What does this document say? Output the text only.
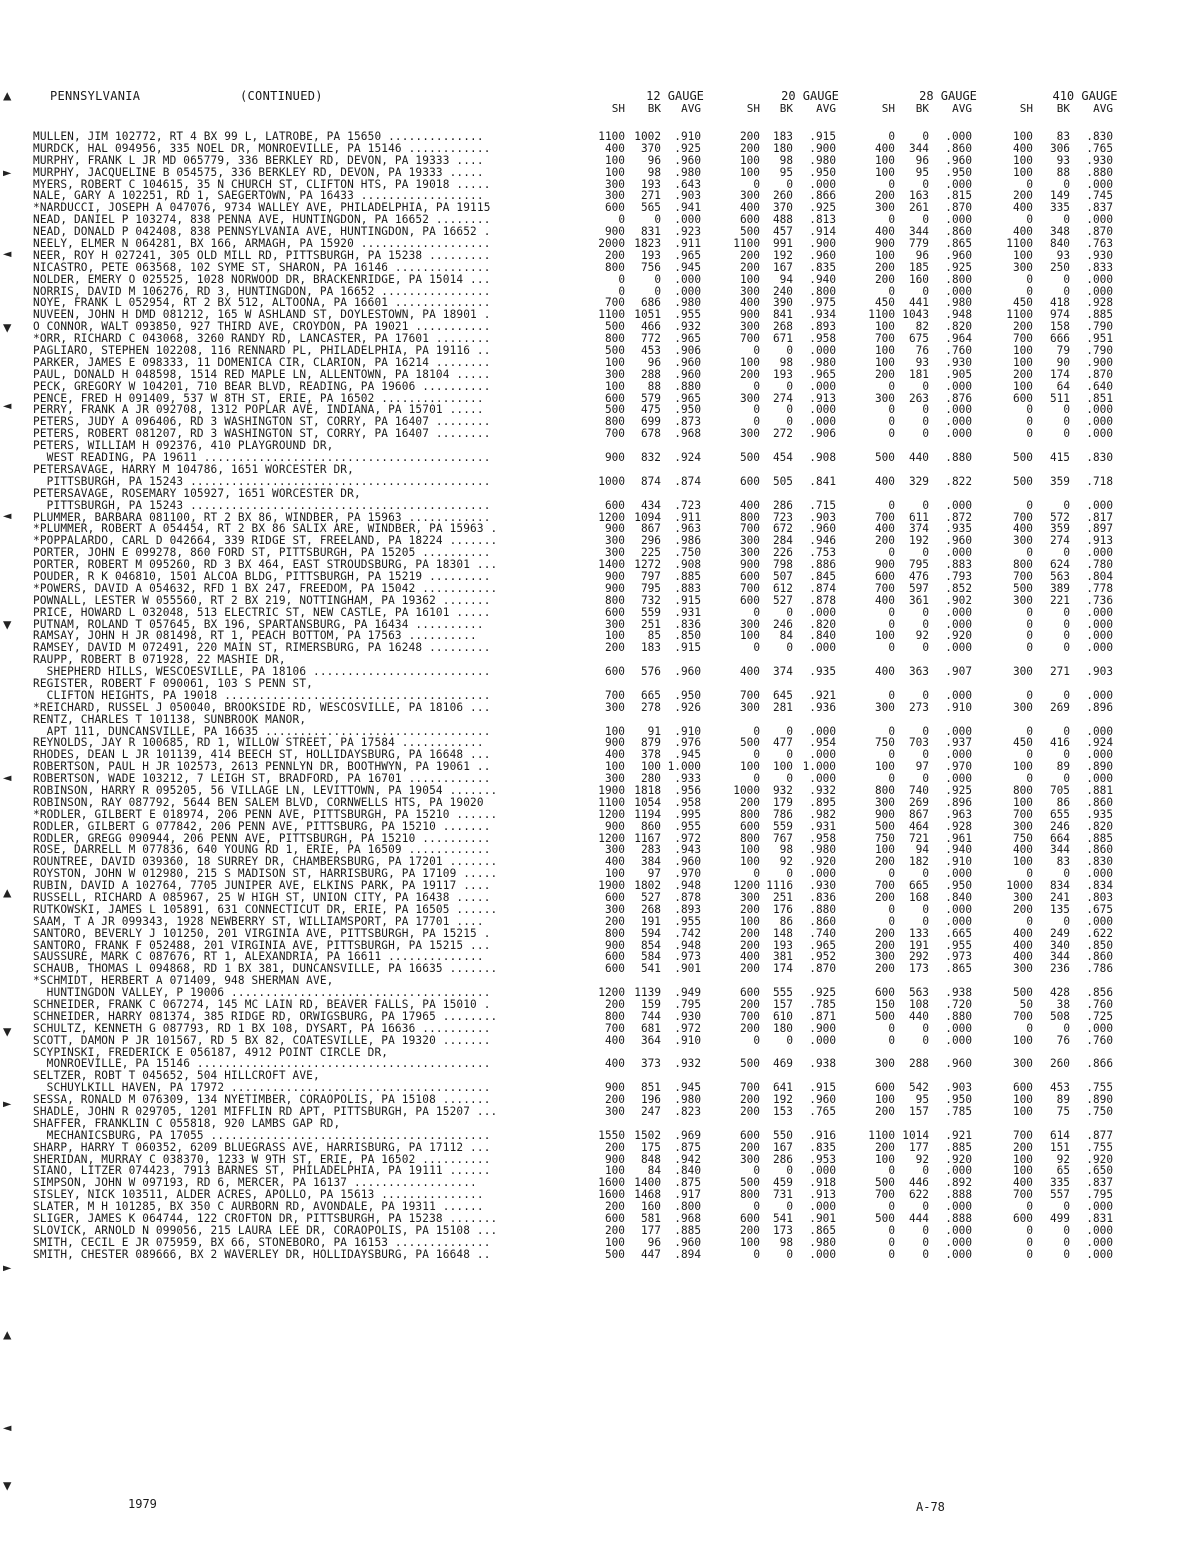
PENNSYLVANIA	(CONTINUED)	12 GAUGE	20 GAUGE	28 GAUGE	410 GAUGE
SH	BK	AVG	SH	BK	AVG	SH	BK	AVG	SH	BK	AVG
MULLEN, JIM 102772, RT 4 BX 99 L, LATROBE, PA 15650 ..............	1100 1002	.910	200	183	.915	0	0	.000	100	83	.830
MURDCK, HAL 094956, 335 NOEL DR, MONROEVILLE, PA 15146 ............	400	370	.925	200	180	.900	400	344	.860	400	306	.765
MURPHY, FRANK L JR MD 065779, 336 BERKLEY RD, DEVON, PA 19333 ....	100	96	.960	100	98	.980	100	96	.960	100	93	.930
MURPHY, JACQUELINE B 054575, 336 BERKLEY RD, DEVON, PA 19333 .....	100	98	.980	100	95	.950	100	95	.950	100	88	.880
MYERS, ROBERT C 104615, 35 N CHURCH ST, CLIFTON HTS, PA 19018 .....	300	193	.643	0	0	.000	0	0	.000	0	0	.000
NALE, GARY A 102251, RD 1, SAEGERTOWN, PA 16433 ..................	300	271	.903	300	260	.866	200	163	.815	200	149	.745
*NARDUCCI, JOSEPH A 047076, 9734 WALLEY AVE, PHILADELPHIA, PA 19115	600	565	.941	400	370	.925	300	261	.870	400	335	.837
NEAD, DANIEL P 103274, 838 PENNA AVE, HUNTINGDON, PA 16652 ........	0	0	.000	600	488	.813	0	0	.000	0	0	.000
NEAD, DONALD P 042408, 838 PENNSYLVANIA AVE, HUNTINGDON, PA 16652 .	900	831	.923	500	457	.914	400	344	.860	400	348	.870
NEELY, ELMER N 064281, BX 166, ARMAGH, PA 15920 ...................	2000 1823	.911	1100	991	.900	900	779	.865	1100	840	.763
NEER, ROY H 027241, 305 OLD MILL RD, PITTSBURGH, PA 15238 .........	200	193	.965	200	192	.960	100	96	.960	100	93	.930
NICASTRO, PETE 063568, 102 SYME ST, SHARON, PA 16146 ..............	800	756	.945	200	167	.835	200	185	.925	300	250	.833
NOLDER, EMERY O 025525, 1028 NORWOOD DR, BRACKENRIDGE, PA 15014 ...	0	0	.000	100	94	.940	200	160	.800	0	0	.000
NORRIS, DAVID M 106276, RD 3, HUNTINGDON, PA 16652 ................	0	0	.000	300	240	.800	0	0	.000	0	0	.000
NOYE, FRANK L 052954, RT 2 BX 512, ALTOONA, PA 16601 ..............	700	686	.980	400	390	.975	450	441	.980	450	418	.928
NUVEEN, JOHN H DMD 081212, 165 W ASHLAND ST, DOYLESTOWN, PA 18901 .	1100 1051	.955	900	841	.934	1100 1043	.948	1100	974	.885
O CONNOR, WALT 093850, 927 THIRD AVE, CROYDON, PA 19021 ...........	500	466	.932	300	268	.893	100	82	.820	200	158	.790
*ORR, RICHARD C 043068, 3260 RANDY RD, LANCASTER, PA 17601 ........	800	772	.965	700	671	.958	700	675	.964	700	666	.951
PAGLIARO, STEPHEN 102208, 116 RENNARD PL, PHILADELPHIA, PA 19116 ..	500	453	.906	0	0	.000	100	76	.760	100	79	.790
PARKER, JAMES E 098333, 11 DOMENICA CIR, CLARION, PA 16214 ........	100	96	.960	100	98	.980	100	93	.930	100	90	.900
PAUL, DONALD H 048598, 1514 RED MAPLE LN, ALLENTOWN, PA 18104 .....	300	288	.960	200	193	.965	200	181	.905	200	174	.870
PECK, GREGORY W 104201, 710 BEAR BLVD, READING, PA 19606 ..........	100	88	.880	0	0	.000	0	0	.000	100	64	.640
PENCE, FRED H 091409, 537 W 8TH ST, ERIE, PA 16502 ...............	600	579	.965	300	274	.913	300	263	.876	600	511	.851
PERRY, FRANK A JR 092708, 1312 POPLAR AVE, INDIANA, PA 15701 .....	500	475	.950	0	0	.000	0	0	.000	0	0	.000
PETERS, JUDY A 096406, RD 3 WASHINGTON ST, CORRY, PA 16407 ........	800	699	.873	0	0	.000	0	0	.000	0	0	.000
PETERS, ROBERT 081207, RD 3 WASHINGTON ST, CORRY, PA 16407 ........	700	678	.968	300	272	.906	0	0	.000	0	0	.000
PETERS, WILLIAM H 092376, 410 PLAYGROUND DR,
WEST READING, PA 19611 ..........................................	900	832	.924	500	454	.908	500	440	.880	500	415	.830
PETERSAVAGE, HARRY M 104786, 1651 WORCESTER DR,
PITTSBURGH, PA 15243 ............................................	1000	874	.874	600	505	.841	400	329	.822	500	359	.718
PETERSAVAGE, ROSEMARY 105927, 1651 WORCESTER DR,
PITTSBURGH, PA 15243 ............................................	600	434	.723	400	286	.715	0	0	.000	0	0	.000
PLUMMER, BARBARA 081100, RT 2 BX 86, WINDBER, PA 15963 ............	1200 1094	.911	800	723	.903	700	611	.872	700	572	.817
*PLUMMER, ROBERT A 054454, RT 2 BX 86 SALIX ARE, WINDBER, PA 15963 .	900	867	.963	700	672	.960	400	374	.935	400	359	.897
*POPPALARDO, CARL D 042664, 339 RIDGE ST, FREELAND, PA 18224 .......	300	296	.986	300	284	.946	200	192	.960	300	274	.913
PORTER, JOHN E 099278, 860 FORD ST, PITTSBURGH, PA 15205 ..........	300	225	.750	300	226	.753	0	0	.000	0	0	.000
PORTER, ROBERT M 095260, RD 3 BX 464, EAST STROUDSBURG, PA 18301 ...	1400 1272	.908	900	798	.886	900	795	.883	800	624	.780
POUDER, R K 046810, 1501 ALCOA BLDG, PITTSBURGH, PA 15219 .........	900	797	.885	600	507	.845	600	476	.793	700	563	.804
*POWERS, DAVID A 054632, RFD 1 BX 247, FREEDOM, PA 15042 ...........	900	795	.883	700	612	.874	700	597	.852	500	389	.778
POWNALL, LESTER W 055560, RT 2 BX 219, NOTTINGHAM, PA 19362 .......	800	732	.915	600	527	.878	400	361	.902	300	221	.736
PRICE, HOWARD L 032048, 513 ELECTRIC ST, NEW CASTLE, PA 16101 .....	600	559	.931	0	0	.000	0	0	.000	0	0	.000
PUTNAM, ROLAND T 057645, BX 196, SPARTANSBURG, PA 16434 ..........	300	251	.836	300	246	.820	0	0	.000	0	0	.000
RAMSAY, JOHN H JR 081498, RT 1, PEACH BOTTOM, PA 17563 ..........	100	85	.850	100	84	.840	100	92	.920	0	0	.000
RAMSEY, DAVID M 072491, 220 MAIN ST, RIMERSBURG, PA 16248 .........	200	183	.915	0	0	.000	0	0	.000	0	0	.000
RAUPP, ROBERT B 071928, 22 MASHIE DR,
SHEPHERD HILLS, WESCOESVILLE, PA 18106 ..........................	600	576	.960	400	374	.935	400	363	.907	300	271	.903
REGISTER, ROBERT F 090061, 103 S PENN ST,
CLIFTON HEIGHTS, PA 19018 .......................................	700	665	.950	700	645	.921	0	0	.000	0	0	.000
*REICHARD, RUSSEL J 050040, BROOKSIDE RD, WESCOSVILLE, PA 18106 ...	300	278	.926	300	281	.936	300	273	.910	300	269	.896
RENTZ, CHARLES T 101138, SUNBROOK MANOR,
APT 111, DUNCANSVILLE, PA 16635 .................................	100	91	.910	0	0	.000	0	0	.000	0	0	.000
REYNOLDS, JAY R 100685, RD 1, WILLOW STREET, PA 17584 ............	900	879	.976	500	477	.954	750	703	.937	450	416	.924
RHODES, DEAN L JR 101139, 414 BEECH ST, HOLLIDAYSBURG, PA 16648 ...	400	378	.945	0	0	.000	0	0	.000	0	0	.000
ROBERTSON, PAUL H JR 102573, 2613 PENNLYN DR, BOOTHWYN, PA 19061 ..	100	100 1.000	100	100 1.000	100	97	.970	100	89	.890
ROBERTSON, WADE 103212, 7 LEIGH ST, BRADFORD, PA 16701 ............	300	280	.933	0	0	.000	0	0	.000	0	0	.000
ROBINSON, HARRY R 095205, 56 VILLAGE LN, LEVITTOWN, PA 19054 .......	1900 1818	.956	1000	932	.932	800	740	.925	800	705	.881
ROBINSON, RAY 087792, 5644 BEN SALEM BLVD, CORNWELLS HTS, PA 19020	1100 1054	.958	200	179	.895	300	269	.896	100	86	.860
*RODLER, GILBERT E 018974, 206 PENN AVE, PITTSBURGH, PA 15210 ......	1200 1194	.995	800	786	.982	900	867	.963	700	655	.935
RODLER, GILBERT G 077842, 206 PENN AVE, PITTSBURG, PA 15210 .......	900	860	.955	600	559	.931	500	464	.928	300	246	.820
RODLER, GREGG 090944, 206 PENN AVE, PITTSBURGH, PA 15210 ..........	1200 1167	.972	800	767	.958	750	721	.961	750	664	.885
ROSE, DARRELL M 077836, 640 YOUNG RD 1, ERIE, PA 16509 ............	300	283	.943	100	98	.980	100	94	.940	400	344	.860
ROUNTREE, DAVID 039360, 18 SURREY DR, CHAMBERSBURG, PA 17201 .......	400	384	.960	100	92	.920	200	182	.910	100	83	.830
ROYSTON, JOHN W 012980, 215 S MADISON ST, HARRISBURG, PA 17109 .....	100	97	.970	0	0	.000	0	0	.000	0	0	.000
RUBIN, DAVID A 102764, 7705 JUNIPER AVE, ELKINS PARK, PA 19117 ....	1900 1802	.948	1200 1116	.930	700	665	.950	1000	834	.834
RUSSELL, RICHARD A 085967, 25 W HIGH ST, UNION CITY, PA 16438 .....	600	527	.878	300	251	.836	200	168	.840	300	241	.803
RUTKOWSKI, JAMES L 105891, 631 CONNECTICUT DR, ERIE, PA 16505 ......	300	268	.893	200	176	.880	0	0	.000	200	135	.675
SAAM, T A JR 099343, 1928 NEWBERRY ST, WILLIAMSPORT, PA 17701 ....	200	191	.955	100	86	.860	0	0	.000	0	0	.000
SANTORO, BEVERLY J 101250, 201 VIRGINIA AVE, PITTSBURGH, PA 15215 .	800	594	.742	200	148	.740	200	133	.665	400	249	.622
SANTORO, FRANK F 052488, 201 VIRGINIA AVE, PITTSBURGH, PA 15215 ...	900	854	.948	200	193	.965	200	191	.955	400	340	.850
SAUSSURE, MARK C 087676, RT 1, ALEXANDRIA, PA 16611 ..............	600	584	.973	400	381	.952	300	292	.973	400	344	.860
SCHAUB, THOMAS L 094868, RD 1 BX 381, DUNCANSVILLE, PA 16635 .......	600	541	.901	200	174	.870	200	173	.865	300	236	.786
*SCHMIDT, HERBERT A 071409, 948 SHERMAN AVE,
HUNTINGDON VALLEY, P 19006 ......................................	1200 1139	.949	600	555	.925	600	563	.938	500	428	.856
SCHNEIDER, FRANK C 067274, 145 MC LAIN RD, BEAVER FALLS, PA 15010 .	200	159	.795	200	157	.785	150	108	.720	50	38	.760
SCHNEIDER, HARRY 081374, 385 RIDGE RD, ORWIGSBURG, PA 17965 ........	800	744	.930	700	610	.871	500	440	.880	700	508	.725
SCHULTZ, KENNETH G 087793, RD 1 BX 108, DYSART, PA 16636 ..........	700	681	.972	200	180	.900	0	0	.000	0	0	.000
SCOTT, DAMON P JR 101567, RD 5 BX 82, COATESVILLE, PA 19320 .......	400	364	.910	0	0	.000	0	0	.000	100	76	.760
SCYPINSKI, FREDERICK E 056187, 4912 POINT CIRCLE DR,
MONROEVILLE, PA 15146 ...........................................	400	373	.932	500	469	.938	300	288	.960	300	260	.866
SELTZER, ROBT T 045652, 504 HILLCROFT AVE,
SCHUYLKILL HAVEN, PA 17972 ......................................	900	851	.945	700	641	.915	600	542	.903	600	453	.755
SESSA, RONALD M 076309, 134 NYETIMBER, CORAOPOLIS, PA 15108 .......	200	196	.980	200	192	.960	100	95	.950	100	89	.890
SHADLE, JOHN R 029705, 1201 MIFFLIN RD APT, PITTSBURGH, PA 15207 ...	300	247	.823	200	153	.765	200	157	.785	100	75	.750
SHAFFER, FRANKLIN C 055818, 920 LAMBS GAP RD,
MECHANICSBURG, PA 17055 .........................................	1550 1502	.969	600	550	.916	1100 1014	.921	700	614	.877
SHARP, HARRY T 060352, 6209 BLUEGRASS AVE, HARRISBURG, PA 17112 ...	200	175	.875	200	167	.835	200	177	.885	200	151	.755
SHERIDAN, MURRAY C 038370, 1233 W 9TH ST, ERIE, PA 16502 ..........	900	848	.942	300	286	.953	100	92	.920	100	92	.920
SIANO, LITZER 074423, 7913 BARNES ST, PHILADELPHIA, PA 19111 ......	100	84	.840	0	0	.000	0	0	.000	100	65	.650
SIMPSON, JOHN W 097193, RD 6, MERCER, PA 16137 ..................	1600 1400	.875	500	459	.918	500	446	.892	400	335	.837
SISLEY, NICK 103511, ALDER ACRES, APOLLO, PA 15613 ...............	1600 1468	.917	800	731	.913	700	622	.888	700	557	.795
SLATER, M H 101285, BX 350 C AURBORN RD, AVONDALE, PA 19311 ......	200	160	.800	0	0	.000	0	0	.000	0	0	.000
SLIGER, JAMES K 064744, 122 CROFTON DR, PITTSBURGH, PA 15238 .......	600	581	.968	600	541	.901	500	444	.888	600	499	.831
SLOVICK, ARNOLD N 099056, 215 LAURA LEE DR, CORAOPOLIS, PA 15108 ...	200	177	.885	200	173	.865	0	0	.000	0	0	.000
SMITH, CECIL E JR 075959, BX 66, STONEBORO, PA 16153 ..............	100	96	.960	100	98	.980	0	0	.000	0	0	.000
SMITH, CHESTER 089666, BX 2 WAVERLEY DR, HOLLIDAYSBURG, PA 16648 ..	500	447	.894	0	0	.000	0	0	.000	0	0	.000
▲
►
◄
▼
◄
◄
▼
◄
▲
▼
►
►
▲
◄
▼
1979	A-78
